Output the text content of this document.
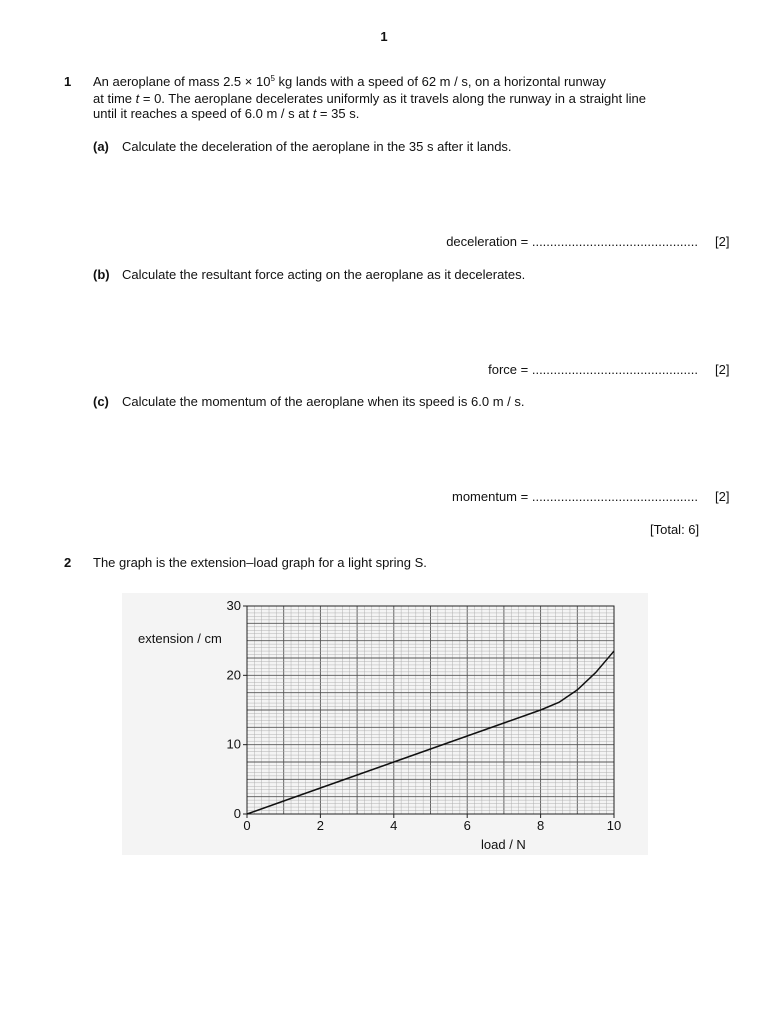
1
1 An aeroplane of mass $2.5 \times 10^5$ kg lands with a speed of 62 m / s, on a horizontal runway
at time t = 0. The aeroplane decelerates uniformly as it travels along the runway in a straight line
until it reaches a speed of 6.0 m / s at t = 35 s.
(a) Calculate the deceleration of the aeroplane in the 35 s after it lands.
deceleration = .............................................. [2]
(b) Calculate the resultant force acting on the aeroplane as it decelerates.
force = .............................................. [2]
(c) Calculate the momentum of the aeroplane when its speed is 6.0 m / s.
momentum = .............................................. [2]
[Total: 6]
2 The graph is the extension–load graph for a light spring S.
0	2	4	6	8	10
0
10
20
30
extension / cm
load / N
